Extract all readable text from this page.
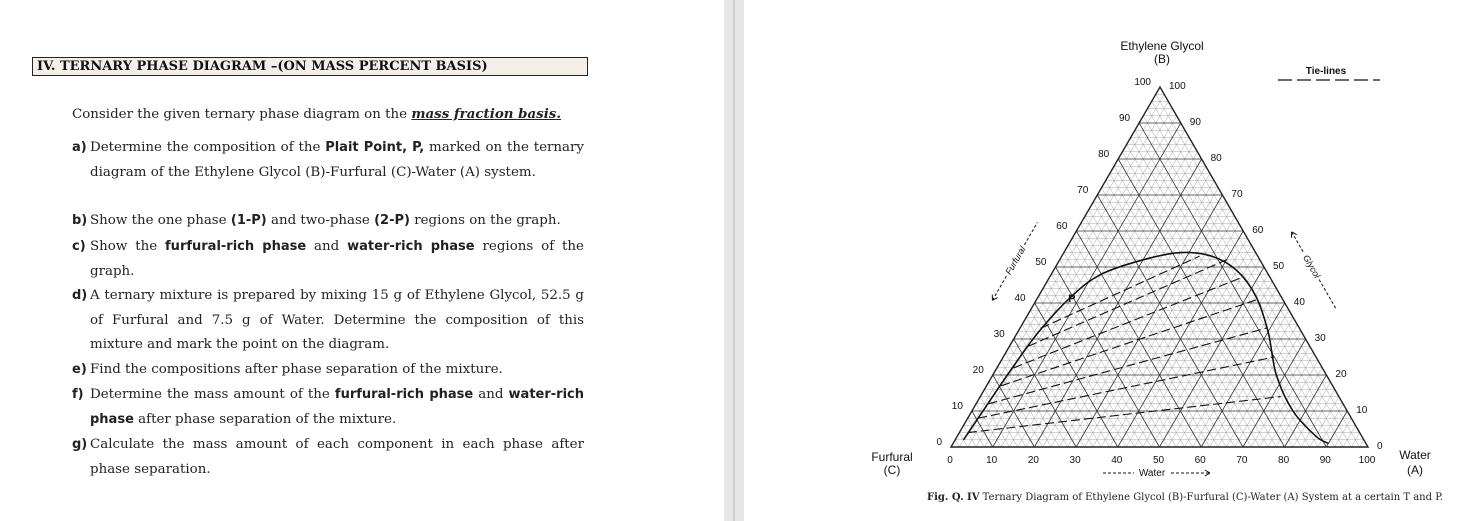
IV. TERNARY PHASE DIAGRAM –(ON MASS PERCENT BASIS)
Consider the given ternary phase diagram on the mass fraction basis.
a) Determine the composition of the Plait Point, P, marked on the ternary diagram of the Ethylene Glycol (B)-Furfural (C)-Water (A) system.
b) Show the one phase (1-P) and two-phase (2-P) regions on the graph.
c) Show the furfural-rich phase and water-rich phase regions of the graph.
d) A ternary mixture is prepared by mixing 15 g of Ethylene Glycol, 52.5 g of Furfural and 7.5 g of Water. Determine the composition of this mixture and mark the point on the diagram.
e) Find the compositions after phase separation of the mixture.
f) Determine the mass amount of the furfural-rich phase and water-rich phase after phase separation of the mixture.
g) Calculate the mass amount of each component in each phase after phase separation.
0
10
20
30
40
50
60
70
80
90
100 100
90
80
70
60
50
40
30
20
10
0
0	10	20	30	40	50	60	70	80	90	100
Ethylene Glycol
(B)
Furfural
(C)
Water
(A)
Tie-lines
Furfural	Glycol
Water
P
Fig. Q. IV Ternary Diagram of Ethylene Glycol (B)-Furfural (C)-Water (A) System at a certain T and P.
